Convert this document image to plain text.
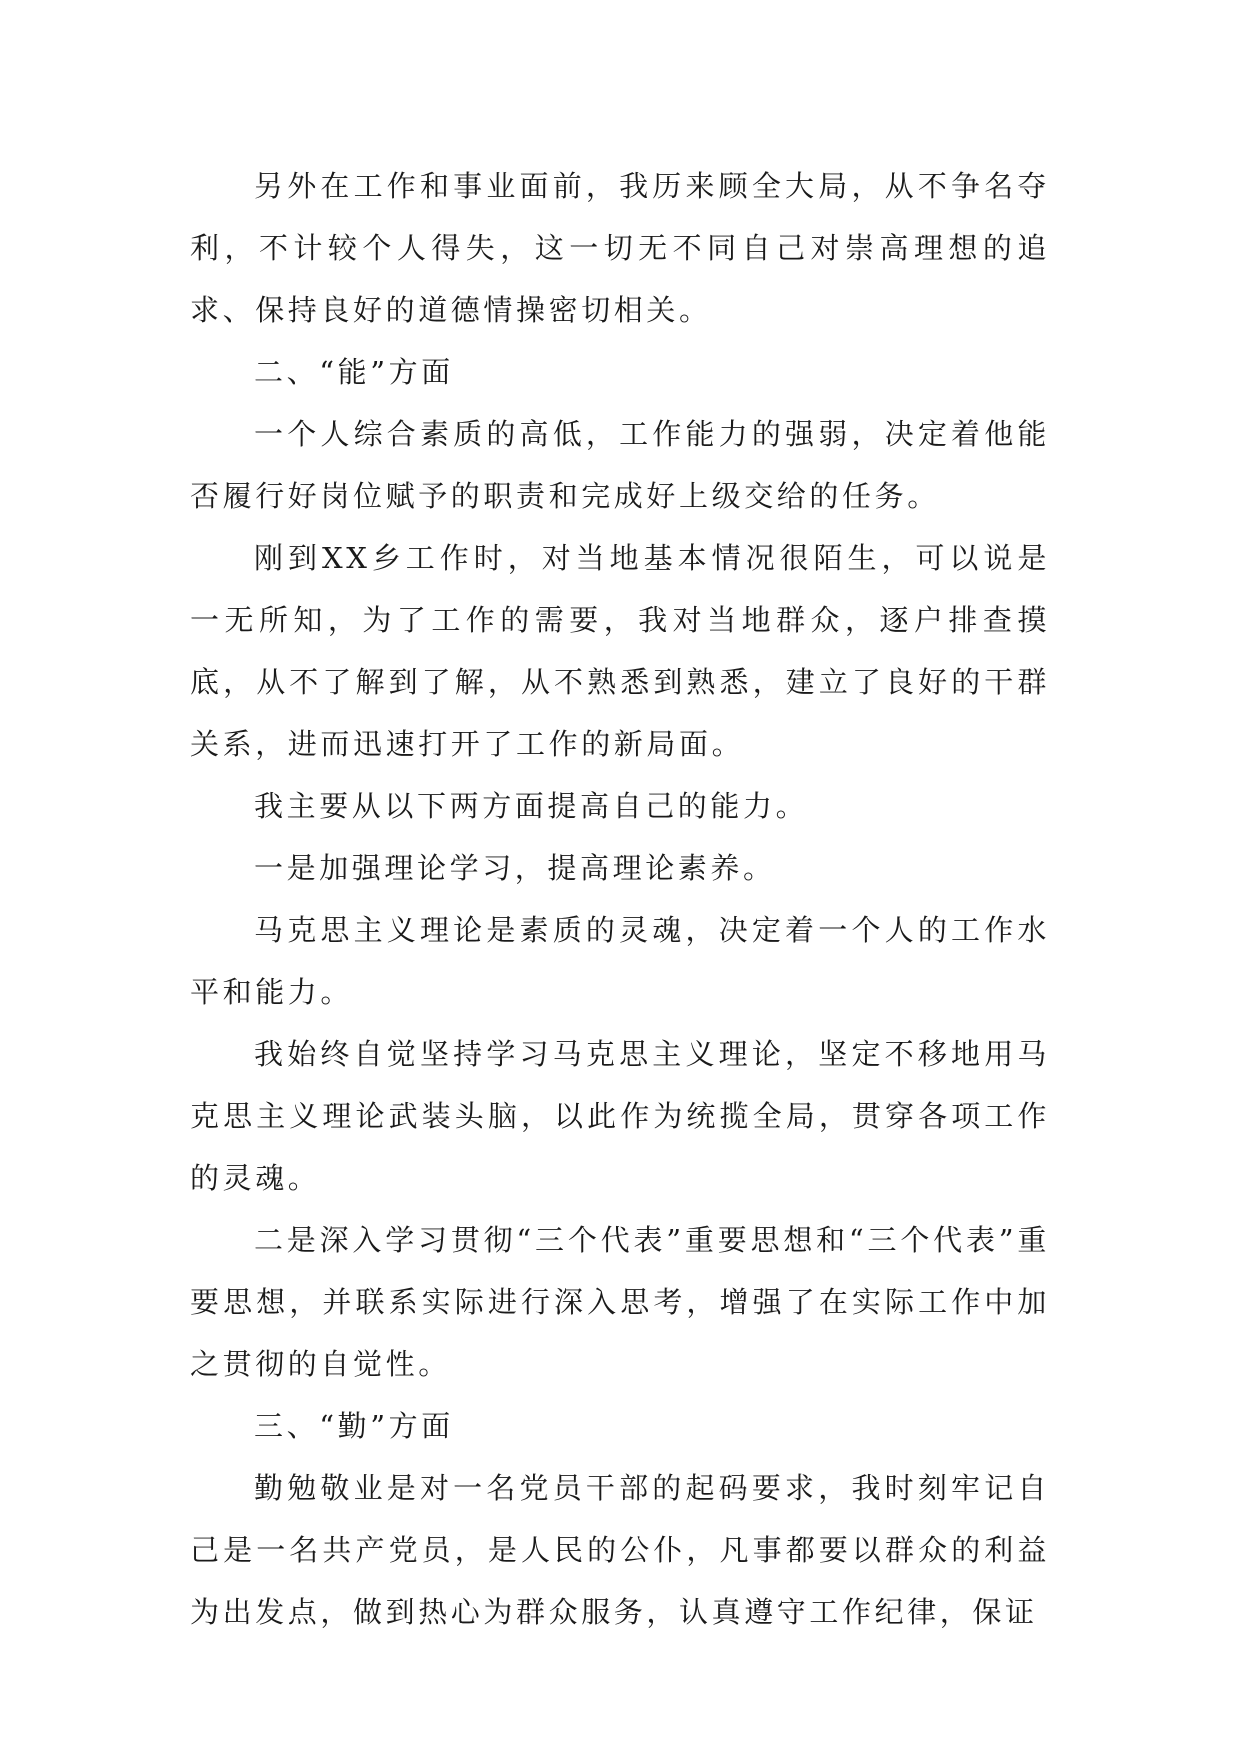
另外在工作和事业面前，我历来顾全大局，从不争名夺利，不计较个人得失，这一切无不同自己对崇高理想的追求、保持良好的道德情操密切相关。

二、“能”方面

一个人综合素质的高低，工作能力的强弱，决定着他能否履行好岗位赋予的职责和完成好上级交给的任务。

刚到XX乡工作时，对当地基本情况很陌生，可以说是一无所知，为了工作的需要，我对当地群众，逐户排查摸底，从不了解到了解，从不熟悉到熟悉，建立了良好的干群关系，进而迅速打开了工作的新局面。

我主要从以下两方面提高自己的能力。

一是加强理论学习，提高理论素养。

马克思主义理论是素质的灵魂，决定着一个人的工作水平和能力。

我始终自觉坚持学习马克思主义理论，坚定不移地用马克思主义理论武装头脑，以此作为统揽全局，贯穿各项工作的灵魂。

二是深入学习贯彻“三个代表”重要思想和“三个代表”重要思想，并联系实际进行深入思考，增强了在实际工作中加之贯彻的自觉性。

三、“勤”方面

勤勉敬业是对一名党员干部的起码要求，我时刻牢记自己是一名共产党员，是人民的公仆，凡事都要以群众的利益为出发点，做到热心为群众服务，认真遵守工作纪律，保证
